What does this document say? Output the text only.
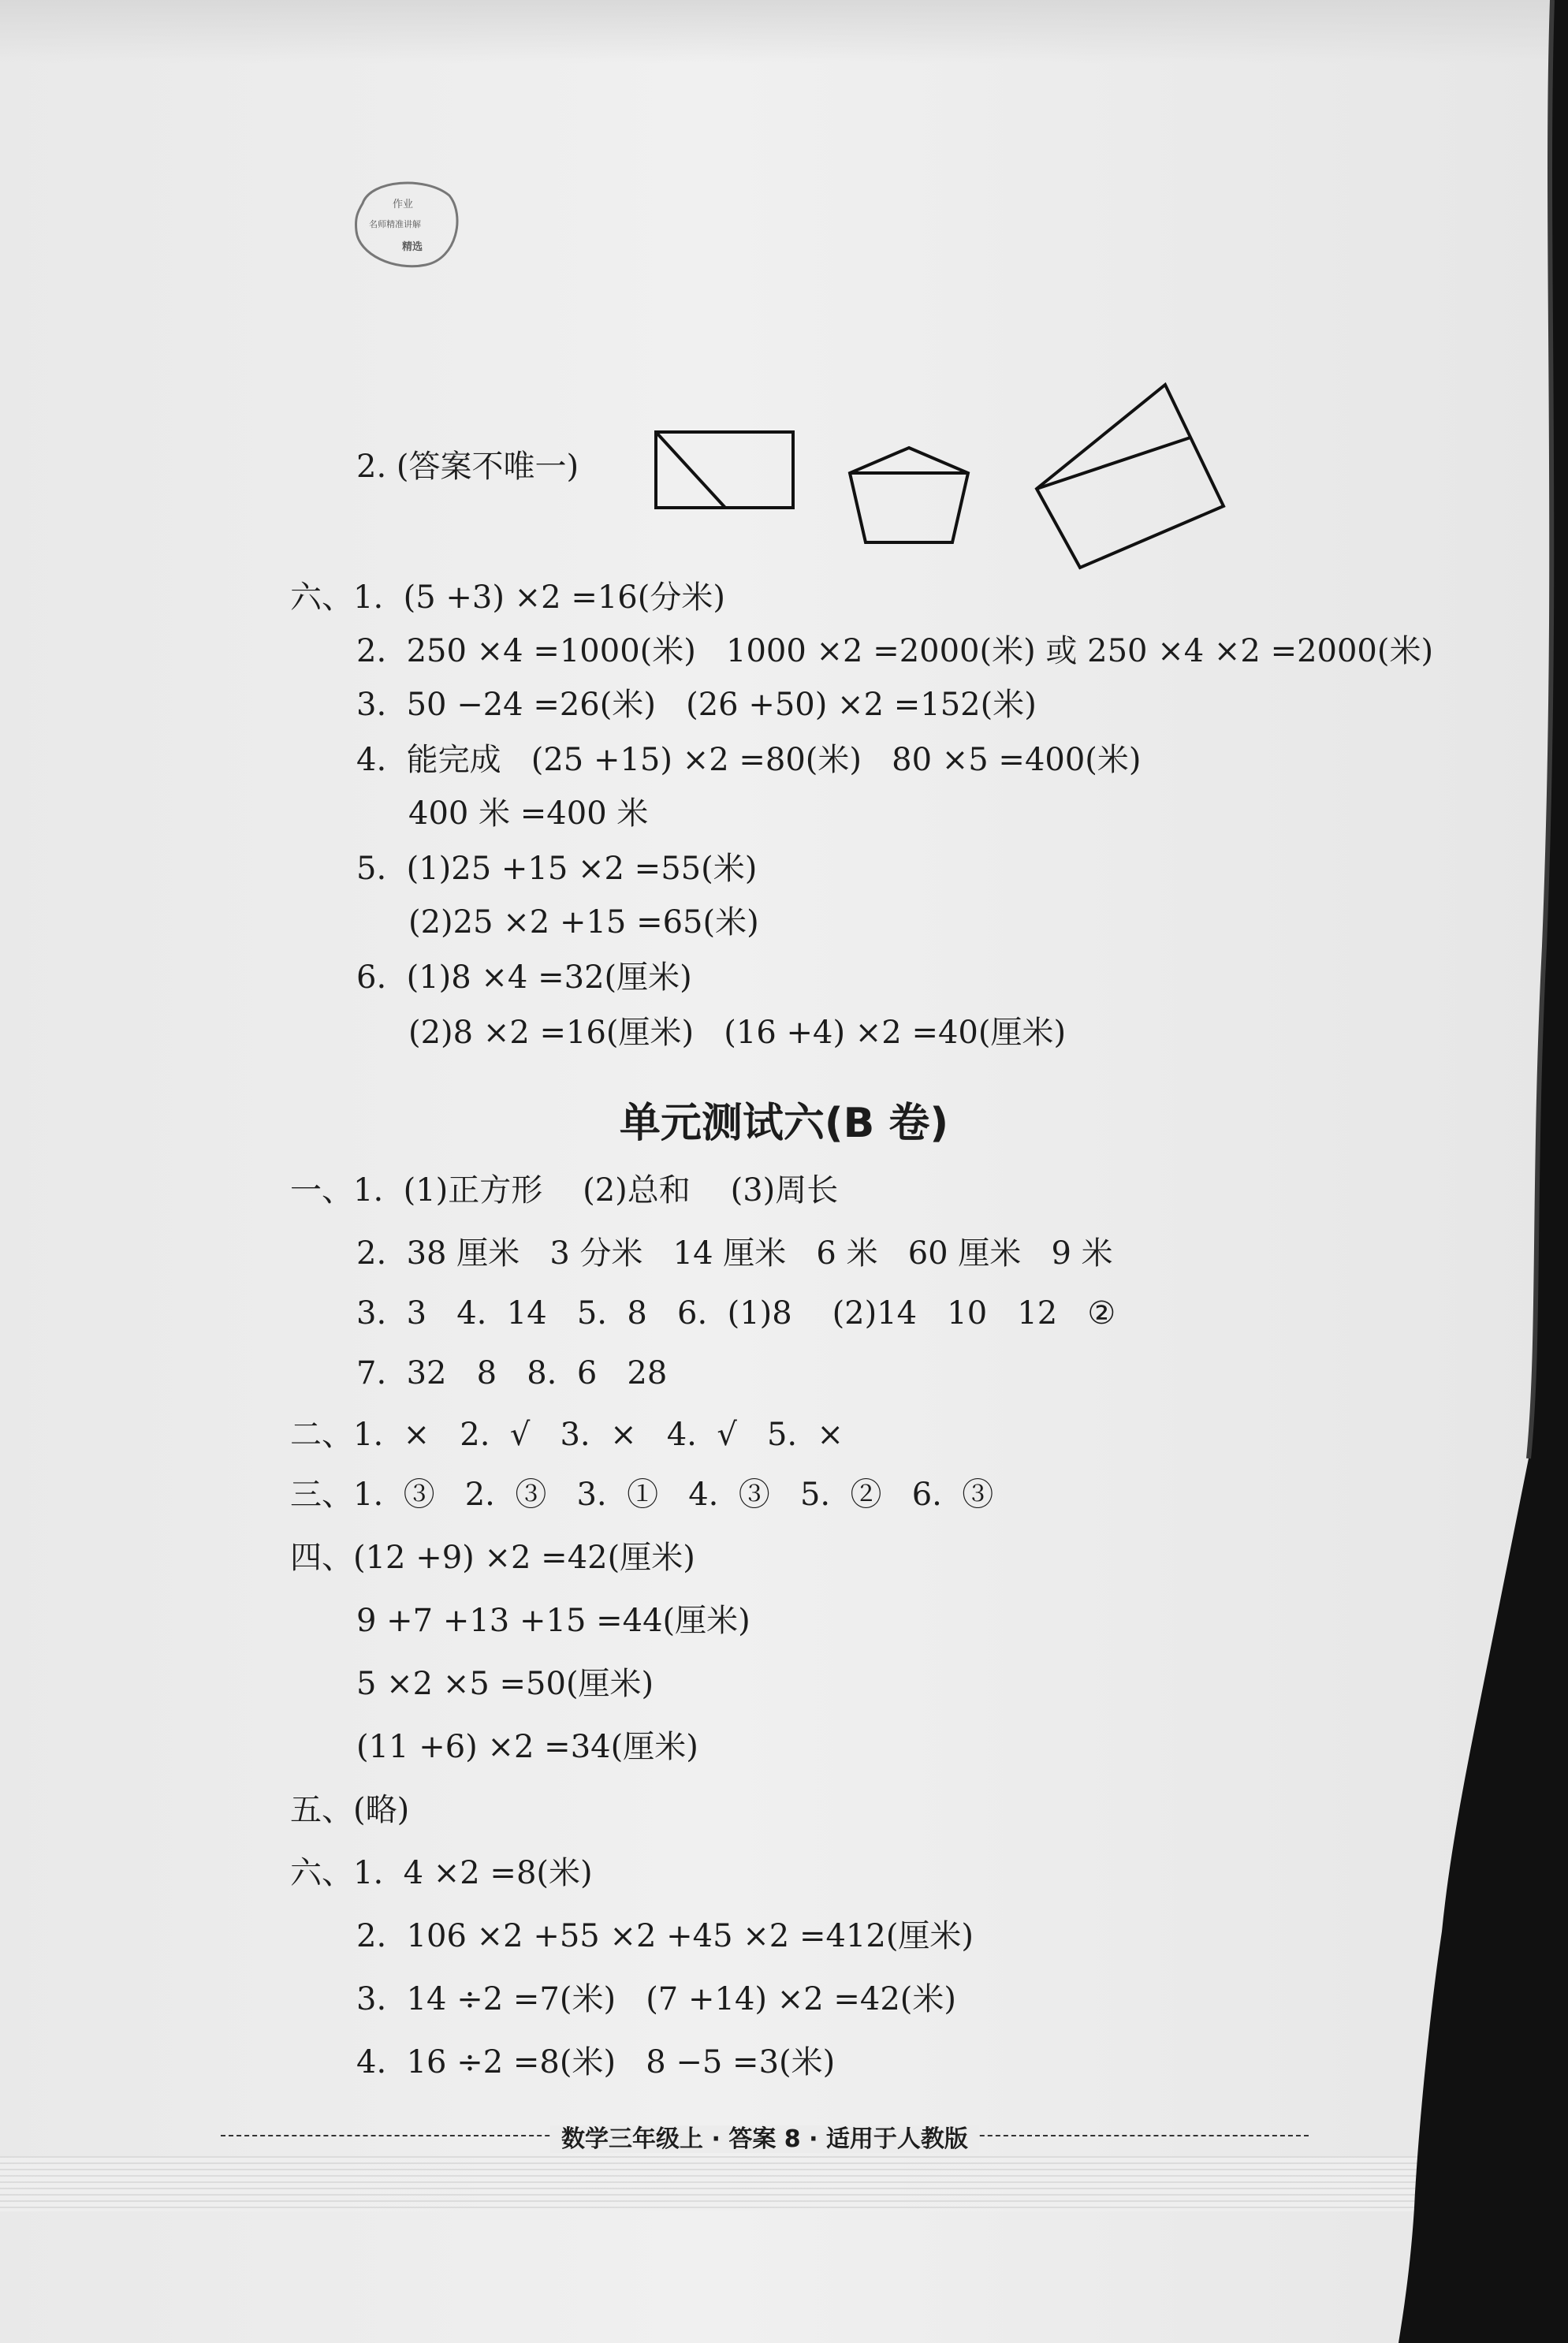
作业
名师精准讲解
精选
2. (答案不唯一)
六、1.  (5 +3) ×2 =16(分米)
2.  250 ×4 =1000(米)   1000 ×2 =2000(米) 或 250 ×4 ×2 =2000(米)
3.  50 −24 =26(米)   (26 +50) ×2 =152(米)
4.  能完成   (25 +15) ×2 =80(米)   80 ×5 =400(米)
400 米 =400 米
5.  (1)25 +15 ×2 =55(米)
(2)25 ×2 +15 =65(米)
6.  (1)8 ×4 =32(厘米)
(2)8 ×2 =16(厘米)   (16 +4) ×2 =40(厘米)
单元测试六(B 卷)
一、1.  (1)正方形    (2)总和    (3)周长
2.  38 厘米   3 分米   14 厘米   6 米   60 厘米   9 米
3.  3   4.  14   5.  8   6.  (1)8    (2)14   10   12   ②
7.  32   8   8.  6   28
二、1.  ×   2.  √   3.  ×   4.  √   5.  ×
三、1.  ③   2.  ③   3.  ①   4.  ③   5.  ②   6.  ③
四、(12 +9) ×2 =42(厘米)
9 +7 +13 +15 =44(厘米)
5 ×2 ×5 =50(厘米)
(11 +6) ×2 =34(厘米)
五、(略)
六、1.  4 ×2 =8(米)
2.  106 ×2 +55 ×2 +45 ×2 =412(厘米)
3.  14 ÷2 =7(米)   (7 +14) ×2 =42(米)
4.  16 ÷2 =8(米)   8 −5 =3(米)
数学三年级上 · 答案 8 · 适用于人教版
